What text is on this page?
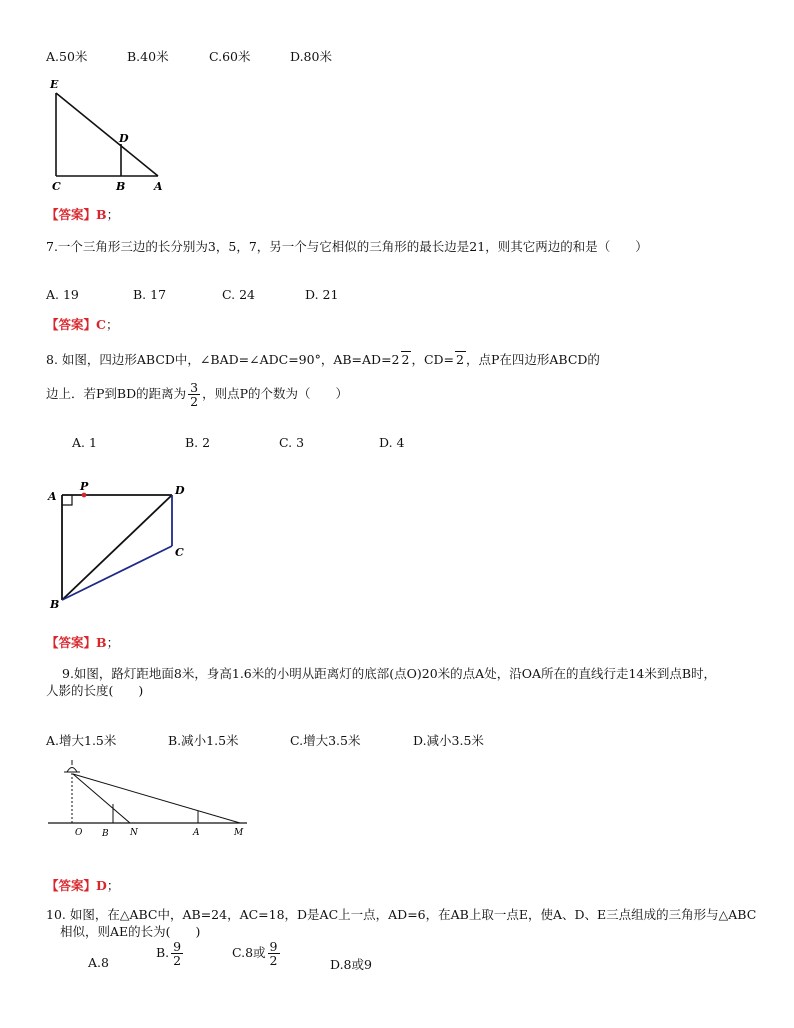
A.50米	B.40米	C.60米	D.80米
E
D
C	B	A
【答案】B；
7.一个三角形三边的长分别为3，5，7，另一个与它相似的三角形的最长边是21，则其它两边的和是（　　）
A. 19	B. 17	C. 24	D. 21
【答案】C；
8. 如图，四边形ABCD中，∠BAD=∠ADC=90°，AB=AD=2 2 ，CD= 2 ，点P在四边形ABCD的
边上．若P到BD的距离为 $\frac{3}{2}$ ，则点P的个数为（　　）
A. 1	B. 2	C. 3	D. 4
A
P	D
C
B
【答案】B；
9.如图，路灯距地面8米，身高1.6米的小明从距离灯的底部(点O)20米的点A处，沿OA所在的直线行走14米到点B时，
人影的长度(　　)
A.增大1.5米	B.减小1.5米	C.增大3.5米	D.减小3.5米
O B N	A	M
【答案】D；
10. 如图，在△ABC中，AB=24，AC=18，D是AC上一点，AD=6，在AB上取一点E，使A、D、E三点组成的三角形与△ABC
相似，则AE的长为(　　)
A.8
B. $\frac{9}{2}$	C.8或 $\frac{9}{2}$	D.8或9
